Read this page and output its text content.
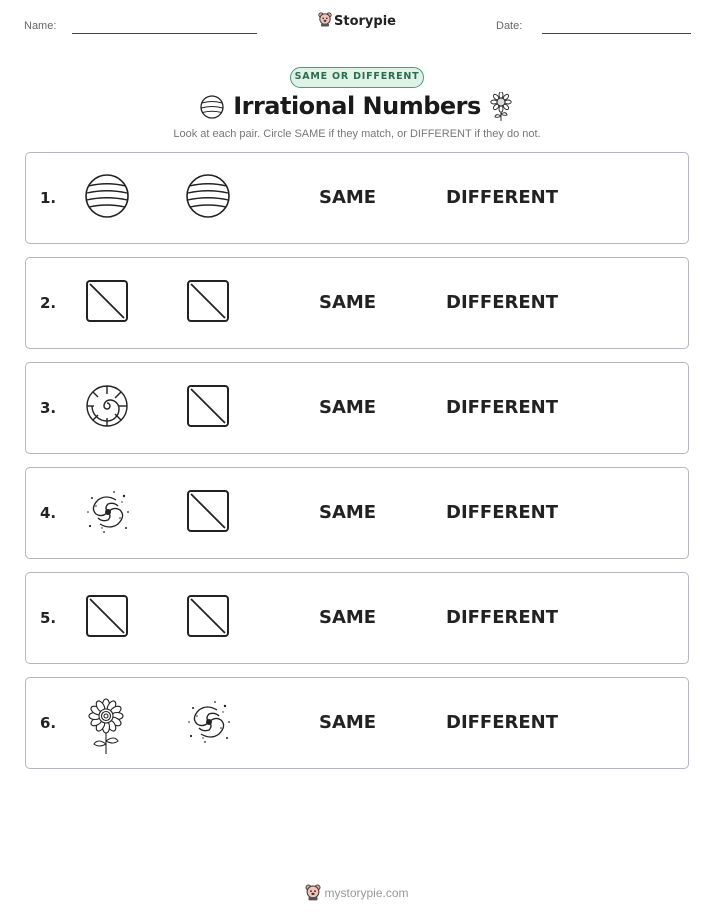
Name:	Storypie	Date:
SAME OR DIFFERENT
Irrational Numbers
Look at each pair. Circle SAME if they match, or DIFFERENT if they do not.
1.	SAME	DIFFERENT
2.	SAME	DIFFERENT
3.	SAME	DIFFERENT
4.	SAME	DIFFERENT
5.	SAME	DIFFERENT
6.	SAME	DIFFERENT
mystorypie.com
